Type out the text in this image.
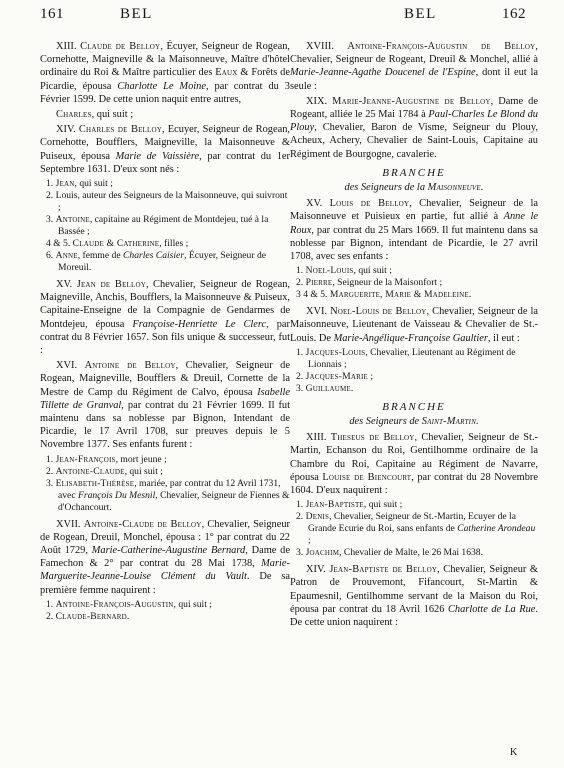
161	BEL	BEL	162
XIII. Claude de Belloy, Écuyer, Seigneur de Rogean, Cornehotte, Maigneville & la Maisonneuve, Maître d'hôtel ordinaire du Roi & Maître particulier des Eaux & Forêts de Picardie, épousa Charlotte Le Moine, par contrat du 3 Février 1599. De cette union naquit entre autres,
Charles, qui suit ;
XIV. Charles de Belloy, Ecuyer, Seigneur de Rogean, Cornehotte, Boufflers, Maigneville, la Maisonneuve & Puiseux, épousa Marie de Vaissière, par contrat du 1er Septembre 1631. D'eux sont nés :
1. Jean, qui suit ;
2. Louis, auteur des Seigneurs de la Maisonneuve, qui suivront ;
3. Antoine, capitaine au Régiment de Montdejeu, tué à la Bassée ;
4 & 5. Claude & Catherine, filles ;
6. Anne, femme de Charles Caisier, Écuyer, Seigneur de Moreuil.
XV. Jean de Belloy, Chevalier, Seigneur de Rogean, Maigneville, Anchis, Boufflers, la Maisonneuve & Puiseux, Capitaine-Enseigne de la Compagnie de Gendarmes de Montdejeu, épousa Françoise-Henriette Le Clerc, par contrat du 8 Février 1657. Son fils unique & successeur, fut :
XVI. Antoine de Belloy, Chevalier, Seigneur de Rogean, Maigneville, Boufflers & Dreuil, Cornette de la Mestre de Camp du Régiment de Calvo, épousa Isabelle Tillette de Granval, par contrat du 21 Février 1699. Il fut maintenu dans sa noblesse par Bignon, Intendant de Picardie, le 17 Avril 1708, sur preuves depuis le 5 Novembre 1377. Ses enfants furent :
1. Jean-François, mort jeune ;
2. Antoine-Claude, qui suit ;
3. Elisabeth-Thérèse, mariée, par contrat du 12 Avril 1731, avec François Du Mesnil, Chevalier, Seigneur de Fiennes & d'Ochancourt.
XVII. Antoine-Claude de Belloy, Chevalier, Seigneur de Rogean, Dreuil, Monchel, épousa : 1° par contrat du 22 Août 1729, Marie-Catherine-Augustine Bernard, Dame de Famechon & 2° par contrat du 28 Mai 1738, Marie-Marguerite-Jeanne-Louise Clément du Vault. De sa première femme naquirent :
1. Antoine-François-Augustin, qui suit ;
2. Claude-Bernard.
XVIII. Antoine-François-Augustin de Belloy, Chevalier, Seigneur de Rogeant, Dreuil & Monchel, allié à Marie-Jeanne-Agathe Doucenel de l'Espine, dont il eut la seule :
XIX. Marie-Jeanne-Augustine de Belloy, Dame de Rogeant, alliée le 25 Mai 1784 à Paul-Charles Le Blond du Plouy, Chevalier, Baron de Visme, Seigneur du Plouy, Acheux, Achery, Chevalier de Saint-Louis, Capitaine au Régiment de Bourgogne, cavalerie.
BRANCHE
des Seigneurs de la Maisonneuve.
XV. Louis de Belloy, Chevalier, Seigneur de la Maisonneuve et Puisieux en partie, fut allié à Anne le Roux, par contrat du 25 Mars 1669. Il fut maintenu dans sa noblesse par Bignon, intendant de Picardie, le 27 avril 1708, avec ses enfants :
1. Noel-Louis, qui suit ;
2. Pierre, Seigneur de la Maisonfort ;
3 4 & 5. Marguerite, Marie & Madeleine.
XVI. Noel-Louis de Belloy, Chevalier, Seigneur de la Maisonneuve, Lieutenant de Vaisseau & Chevalier de St.-Louis. De Marie-Angélique-Françoise Gaultier, il eut :
1. Jacques-Louis, Chevalier, Lieutenant au Régiment de Lionnais ;
2. Jacques-Marie ;
3. Guillaume.
BRANCHE
des Seigneurs de Saint-Martin.
XIII. Theseus de Belloy, Chevalier, Seigneur de St.-Martin, Echanson du Roi, Gentilhomme ordinaire de la Chambre du Roi, Capitaine au Régiment de Navarre, épousa Louise de Biencourt, par contrat du 28 Novembre 1604. D'eux naquirent :
1. Jean-Baptiste, qui suit ;
2. Denis, Chevalier, Seigneur de St.-Martin, Ecuyer de la Grande Ecurie du Roi, sans enfants de Catherine Arondeau ;
3. Joachim, Chevalier de Malte, le 26 Mai 1638.
XIV. Jean-Baptiste de Belloy, Chevalier, Seigneur & Patron de Prouvemont, Fifancourt, St-Martin & Epaumesnil, Gentilhomme servant de la Maison du Roi, épousa par contrat du 18 Avril 1626 Charlotte de La Rue. De cette union naquirent :
K
